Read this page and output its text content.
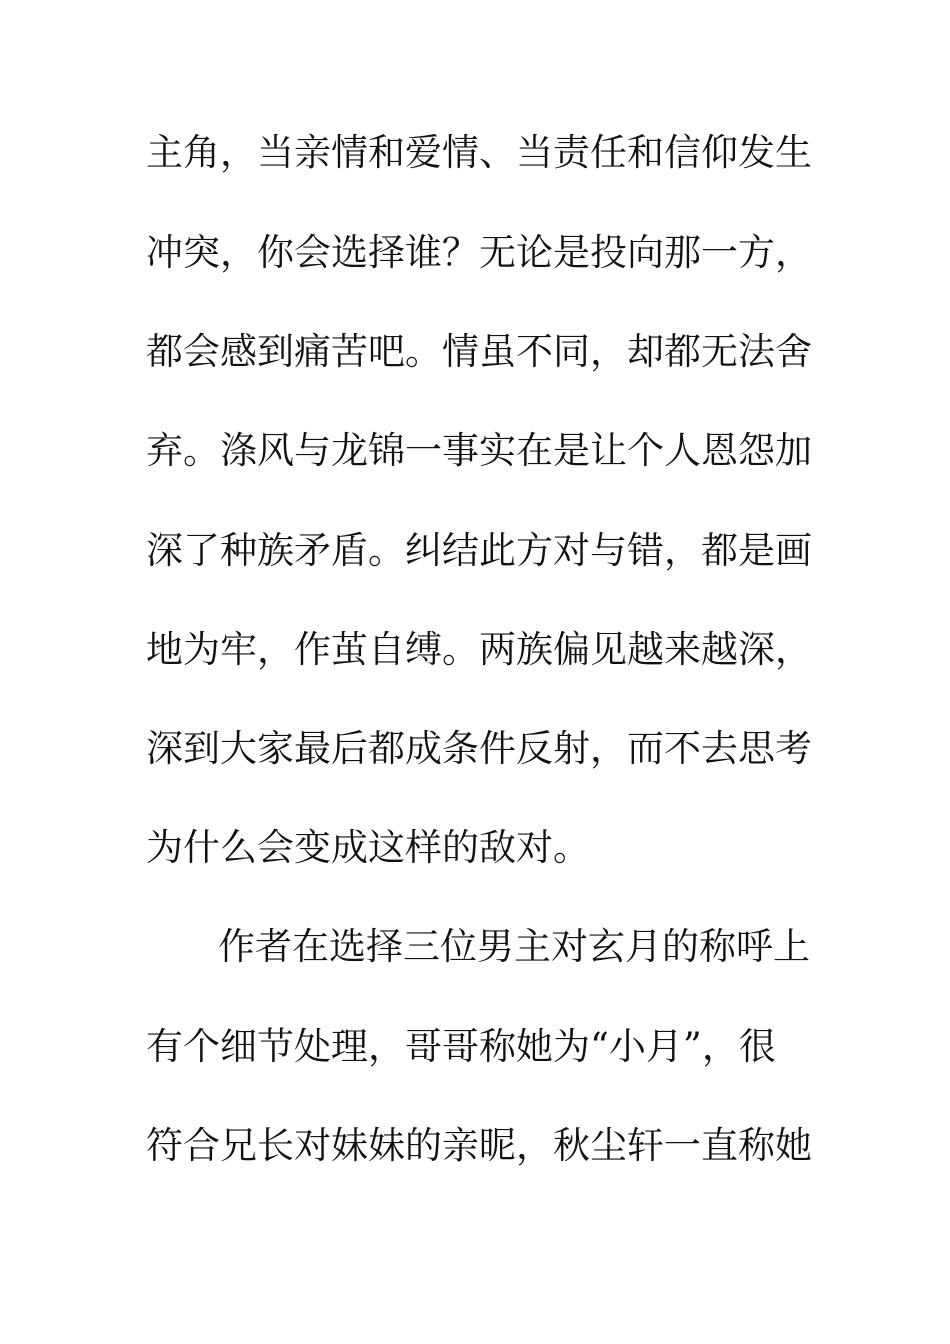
主角，当亲情和爱情、当责任和信仰发生
冲突，你会选择谁？无论是投向那一方，
都会感到痛苦吧。情虽不同，却都无法舍
弃。涤风与龙锦一事实在是让个人恩怨加
深了种族矛盾。纠结此方对与错，都是画
地为牢，作茧自缚。两族偏见越来越深，
深到大家最后都成条件反射，而不去思考
为什么会变成这样的敌对。
作者在选择三位男主对玄月的称呼上
有个细节处理，哥哥称她为“小月”，很
符合兄长对妹妹的亲昵，秋尘轩一直称她
